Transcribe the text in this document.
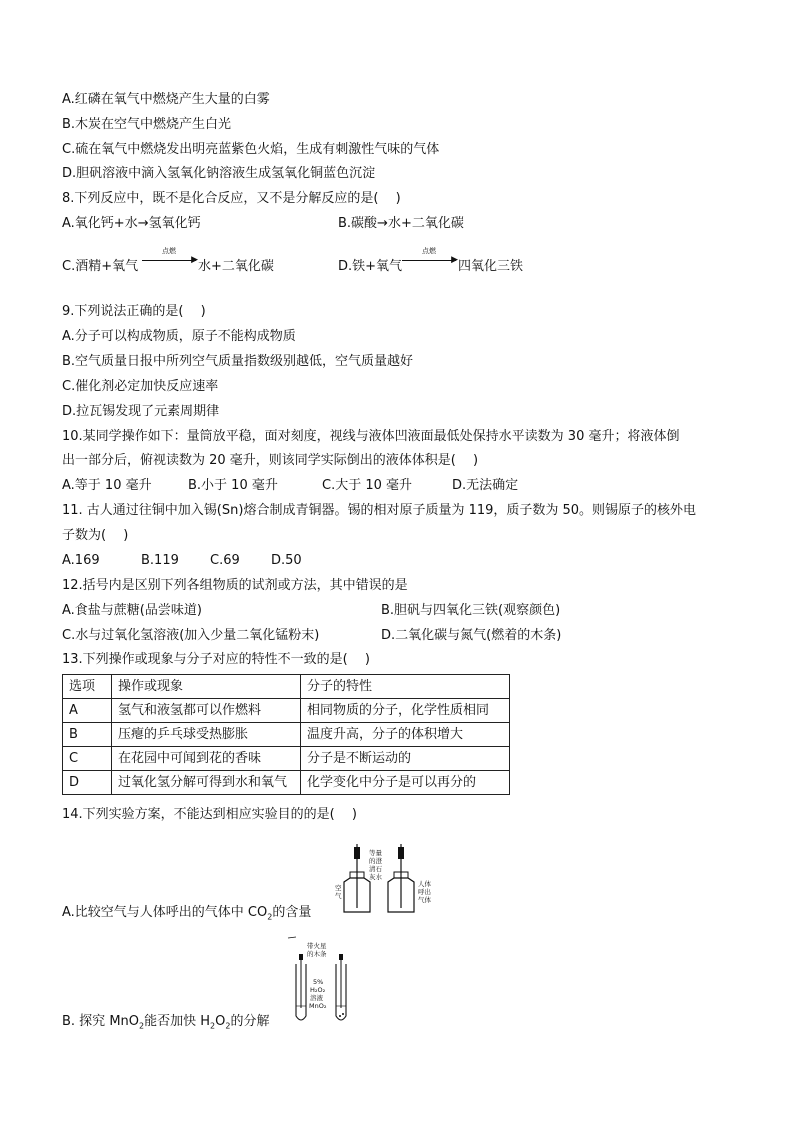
A.红磷在氧气中燃烧产生大量的白雾
B.木炭在空气中燃烧产生白光
C.硫在氧气中燃烧发出明亮蓝紫色火焰，生成有刺激性气味的气体
D.胆矾溶液中滴入氢氧化钠溶液生成氢氧化铜蓝色沉淀
8.下列反应中，既不是化合反应，又不是分解反应的是(　 )
A.氧化钙+水→氢氧化钙	B.碳酸→水+二氧化碳
C.酒精+氧气
点燃
▶ 水+二氧化碳	D.铁+氧气
点燃
▶ 四氧化三铁
9.下列说法正确的是(　 )
A.分子可以构成物质，原子不能构成物质
B.空气质量日报中所列空气质量指数级别越低，空气质量越好
C.催化剂必定加快反应速率
D.拉瓦锡发现了元素周期律
10.某同学操作如下：量筒放平稳，面对刻度，视线与液体凹液面最低处保持水平读数为 30 毫升；将液体倒
出一部分后，俯视读数为 20 毫升，则该同学实际倒出的液体体积是(　 )
A.等于 10 毫升	B.小于 10 毫升	C.大于 10 毫升	D.无法确定
11. 古人通过往铜中加入锡(Sn)熔合制成青铜器。锡的相对原子质量为 119，质子数为 50。则锡原子的核外电
子数为(　 )
A.169	B.119 C.69 D.50
12.括号内是区别下列各组物质的试剂或方法，其中错误的是
A.食盐与蔗糖(品尝味道)	B.胆矾与四氧化三铁(观察颜色)
C.水与过氧化氢溶液(加入少量二氧化锰粉末)	D.二氧化碳与氮气(燃着的木条)
13.下列操作或现象与分子对应的特性不一致的是(　 )
选项	操作或现象	分子的特性
A	氢气和液氢都可以作燃料	相同物质的分子，化学性质相同
B	压瘪的乒乓球受热膨胀	温度升高，分子的体积增大
C	在花园中可闻到花的香味	分子是不断运动的
D	过氧化氢分解可得到水和氧气	化学变化中分子是可以再分的
14.下列实验方案，不能达到相应实验目的的是(　 )
A.比较空气与人体呼出的气体中 $CO_2$的含量
空
气
等量
的澄
清石
灰水
人体
呼出
气体
B. 探究 MnO$_2$能否加快 $H_2O_2$的分解
带火星
的木条
5%
H₂O₂
溶液
MnO₂
